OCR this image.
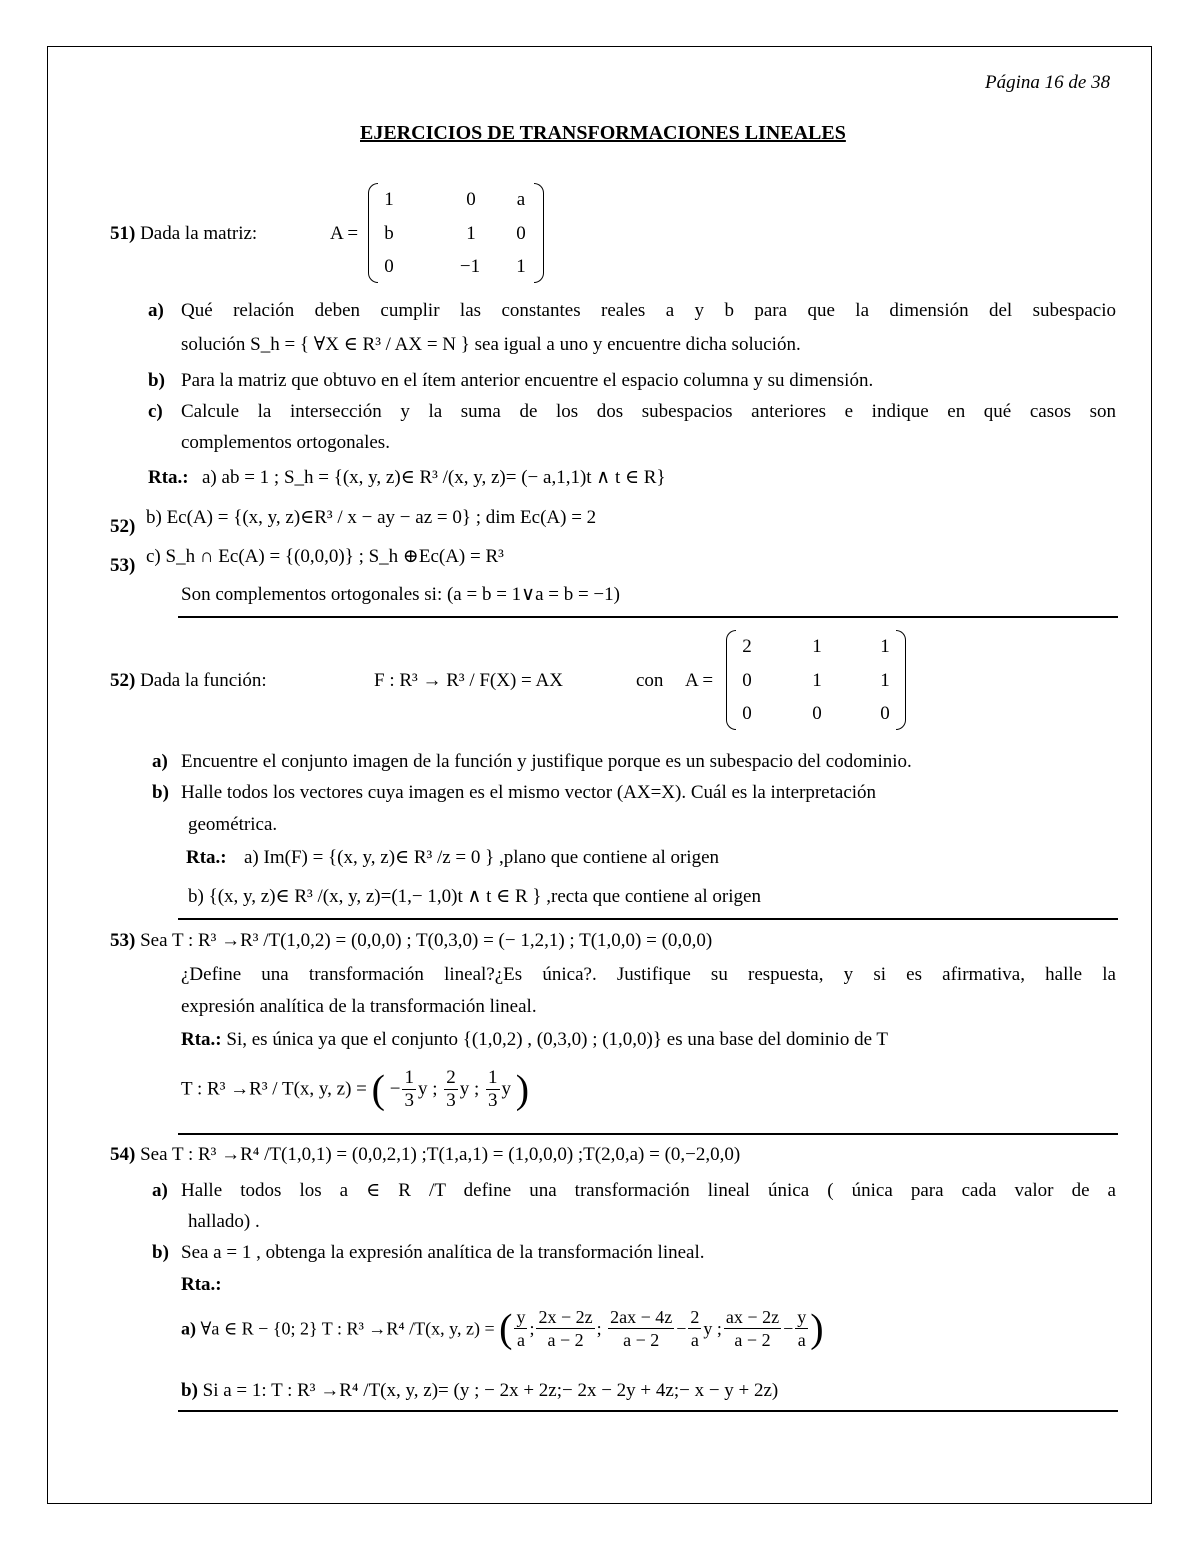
Página 16 de 38
EJERCICIOS DE TRANSFORMACIONES LINEALES
51) Dada la matriz:	A =
1	0	a
b	1	0
0	−1	1
a) Qué relación deben cumplir las constantes reales a y b para que la dimensión del subespacio
solución S_h = { ∀X ∈ R³ / AX = N } sea igual a uno y encuentre dicha solución.
b) Para la matriz que obtuvo en el ítem anterior encuentre el espacio columna y su dimensión.
c) Calcule la intersección y la suma de los dos subespacios anteriores e indique en qué casos son
complementos ortogonales.
Rta.: a) ab = 1 ; S_h = {(x, y, z)∈ R³ /(x, y, z)= (− a,1,1)t ∧ t ∈ R}
52) b) Ec(A) = {(x, y, z)∈R³ / x − ay − az = 0} ; dim Ec(A) = 2
53) c) S_h ∩ Ec(A) = {(0,0,0)} ; S_h ⊕Ec(A) = R³
Son complementos ortogonales si: (a = b = 1∨a = b = −1)
52) Dada la función:	F : R³ → R³ / F(X) = AX	con A =
2	1	1
0	1	1
0	0	0
a) Encuentre el conjunto imagen de la función y justifique porque es un subespacio del codominio.
b) Halle todos los vectores cuya imagen es el mismo vector (AX=X). Cuál es la interpretación
geométrica.
Rta.: a) Im(F) = {(x, y, z)∈ R³ /z = 0 } ,plano que contiene al origen
b) {(x, y, z)∈ R³ /(x, y, z)=(1,− 1,0)t ∧ t ∈ R } ,recta que contiene al origen
53) Sea T : R³ →R³ /T(1,0,2) = (0,0,0) ; T(0,3,0) = (− 1,2,1) ; T(1,0,0) = (0,0,0)
¿Define una transformación lineal?¿Es única?. Justifique su respuesta, y si es afirmativa, halle la
expresión analítica de la transformación lineal.
Rta.: Si, es única ya que el conjunto {(1,0,2) , (0,3,0) ; (1,0,0)} es una base del dominio de T
T : R³ →R³ / T(x, y, z) = ( − $\frac{1}{3}$ y ; $\frac{2}{3}$ y ; $\frac{1}{3}$ y )
54) Sea T : R³ →R⁴ /T(1,0,1) = (0,0,2,1) ;T(1,a,1) = (1,0,0,0) ;T(2,0,a) = (0,−2,0,0)
a) Halle todos los a ∈ R /T define una transformación lineal única ( única para cada valor de a
hallado) .
b) Sea a = 1 , obtenga la expresión analítica de la transformación lineal.
Rta.:
a) ∀a ∈ R − {0; 2} T : R³ →R⁴ /T(x, y, z) = ( $\frac{y}{a}$ ; $\frac{2x - 2z}{a - 2}$ ; $\frac{2ax - 4z}{a - 2} - \frac{2}{a}$ y ; $\frac{ax - 2z}{a - 2} - \frac{y}{a}$ )
b) Si a = 1: T : R³ →R⁴ /T(x, y, z)= (y ; − 2x + 2z;− 2x − 2y + 4z;− x − y + 2z)
